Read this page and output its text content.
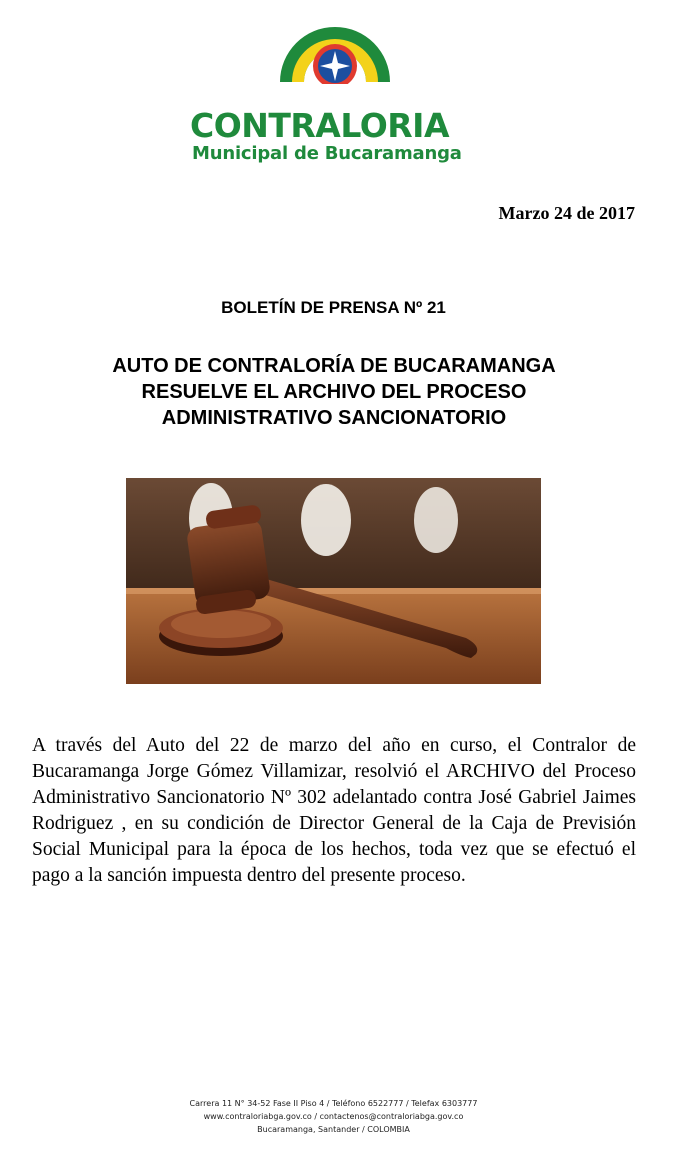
CONTRALORIA
Municipal de Bucaramanga
Marzo 24 de 2017
BOLETÍN DE PRENSA Nº 21
AUTO DE CONTRALORÍA DE BUCARAMANGA
RESUELVE EL ARCHIVO DEL PROCESO
ADMINISTRATIVO SANCIONATORIO
A través del Auto del 22 de marzo del año en curso, el Contralor de Bucaramanga Jorge Gómez Villamizar, resolvió el ARCHIVO del Proceso Administrativo Sancionatorio Nº 302 adelantado contra José Gabriel Jaimes Rodriguez , en su condición de Director General de la Caja de Previsión Social Municipal para la época de los hechos, toda vez que se efectuó el pago a la sanción impuesta dentro del presente proceso.
Carrera 11 N° 34-52 Fase II Piso 4 / Teléfono 6522777 / Telefax 6303777
www.contraloriabga.gov.co / contactenos@contraloriabga.gov.co
Bucaramanga, Santander / COLOMBIA
